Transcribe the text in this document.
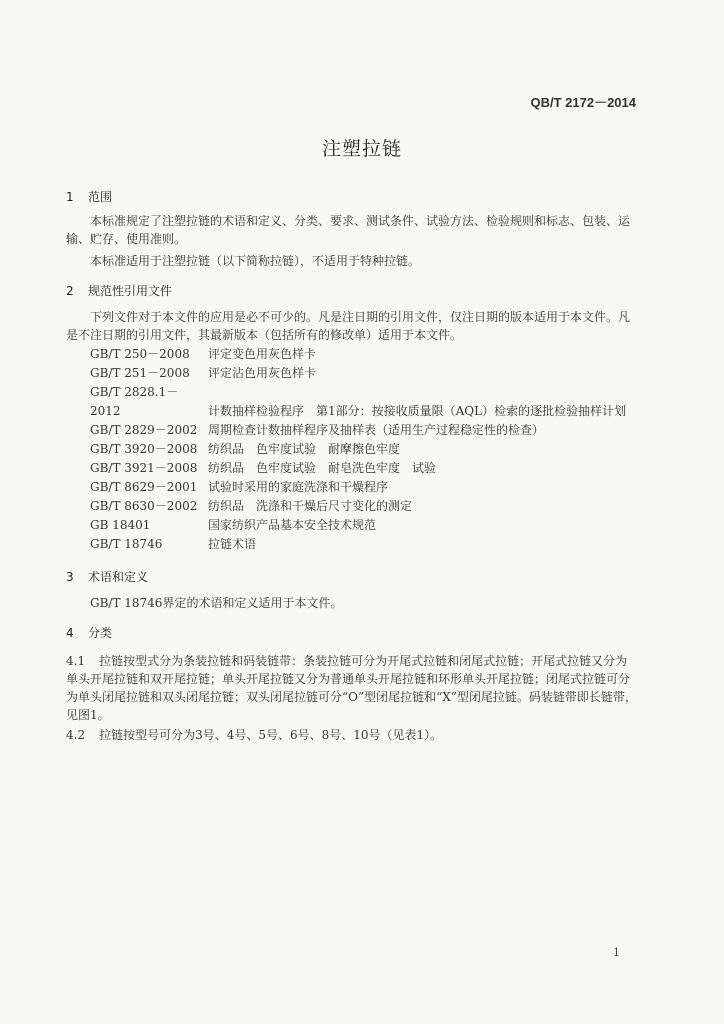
QB/T 2172－2014
注塑拉链
1 范围
本标准规定了注塑拉链的术语和定义、分类、要求、测试条件、试验方法、检验规则和标志、包装、运输、贮存、使用准则。
本标准适用于注塑拉链（以下简称拉链），不适用于特种拉链。
2 规范性引用文件
下列文件对于本文件的应用是必不可少的。凡是注日期的引用文件，仅注日期的版本适用于本文件。凡是不注日期的引用文件，其最新版本（包括所有的修改单）适用于本文件。
GB/T 250－2008 评定变色用灰色样卡
GB/T 251－2008 评定沾色用灰色样卡
GB/T 2828.1－2012	计数抽样检验程序　第1部分：按接收质量限（AQL）检索的逐批检验抽样计划
GB/T 2829－2002 周期检查计数抽样程序及抽样表（适用生产过程稳定性的检查）
GB/T 3920－2008 纺织品　色牢度试验　耐摩擦色牢度
GB/T 3921－2008 纺织品　色牢度试验　耐皂洗色牢度　试验
GB/T 8629－2001 试验时采用的家庭洗涤和干燥程序
GB/T 8630－2002 纺织品　洗涤和干燥后尺寸变化的测定
GB 18401	国家纺织产品基本安全技术规范
GB/T 18746	拉链术语
3 术语和定义
GB/T 18746界定的术语和定义适用于本文件。
4 分类
4.1 拉链按型式分为条装拉链和码装链带：条装拉链可分为开尾式拉链和闭尾式拉链；开尾式拉链又分为单头开尾拉链和双开尾拉链；单头开尾拉链又分为普通单头开尾拉链和环形单头开尾拉链；闭尾式拉链可分为单头闭尾拉链和双头闭尾拉链；双头闭尾拉链可分“O”型闭尾拉链和“X”型闭尾拉链。码装链带即长链带，见图1。
4.2 拉链按型号可分为3号、4号、5号、6号、8号、10号（见表1）。
1
